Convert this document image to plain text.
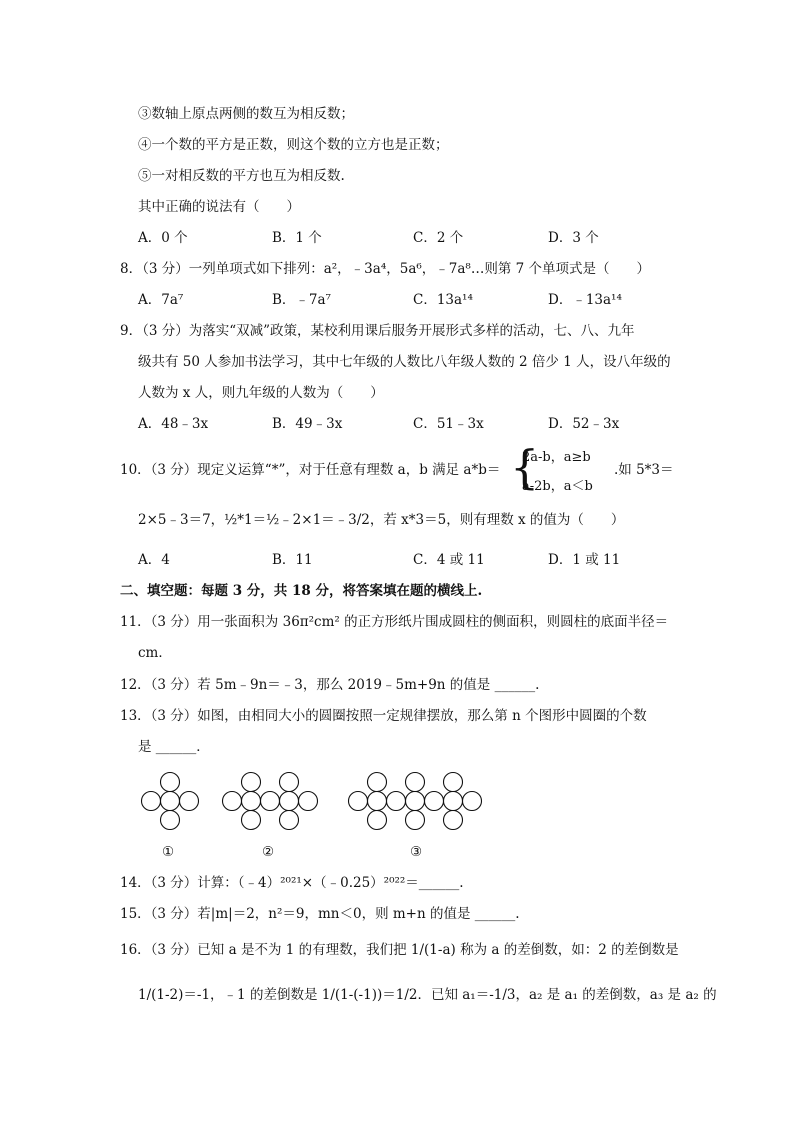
③数轴上原点两侧的数互为相反数；
④一个数的平方是正数，则这个数的立方也是正数；
⑤一对相反数的平方也互为相反数.
其中正确的说法有（　　）
A．0 个	B．1 个	C．2 个	D．3 个
8．（3 分）一列单项式如下排列：a²，﹣3a⁴，5a⁶，﹣7a⁸…则第 7 个单项式是（　　）
A．7a⁷	B．﹣7a⁷	C．13a¹⁴	D．﹣13a¹⁴
9．（3 分）为落实“双减”政策，某校利用课后服务开展形式多样的活动，七、八、九年
级共有 50 人参加书法学习，其中七年级的人数比八年级人数的 2 倍少 1 人，设八年级的
人数为 x 人，则九年级的人数为（　　）
A．48﹣3x	B．49﹣3x	C．51﹣3x	D．52﹣3x
10．（3 分）现定义运算“*”，对于任意有理数 a，b 满足 a*b＝ {
2a-b，a≥b
a-2b，a＜b
.如 5*3＝
2×5﹣3＝7，½*1＝½﹣2×1＝﹣3/2，若 x*3＝5，则有理数 x 的值为（　　）
A．4	B．11	C．4 或 11	D．1 或 11
二、填空题：每题 3 分，共 18 分，将答案填在题的横线上.
11．（3 分）用一张面积为 36π²cm² 的正方形纸片围成圆柱的侧面积，则圆柱的底面半径＝
cm．
12．（3 分）若 5m﹣9n＝﹣3，那么 2019﹣5m+9n 的值是 ______.
13．（3 分）如图，由相同大小的圆圈按照一定规律摆放，那么第 n 个图形中圆圈的个数
是 ______．
①	②	③
14．（3 分）计算：（﹣4）²⁰²¹×（﹣0.25）²⁰²²＝______.
15．（3 分）若|m|＝2，n²＝9，mn＜0，则 m+n 的值是 ______.
16．（3 分）已知 a 是不为 1 的有理数，我们把 1/(1-a) 称为 a 的差倒数，如：2 的差倒数是
1/(1-2)＝-1，﹣1 的差倒数是 1/(1-(-1))＝1/2．已知 a₁＝-1/3，a₂ 是 a₁ 的差倒数，a₃ 是 a₂ 的
